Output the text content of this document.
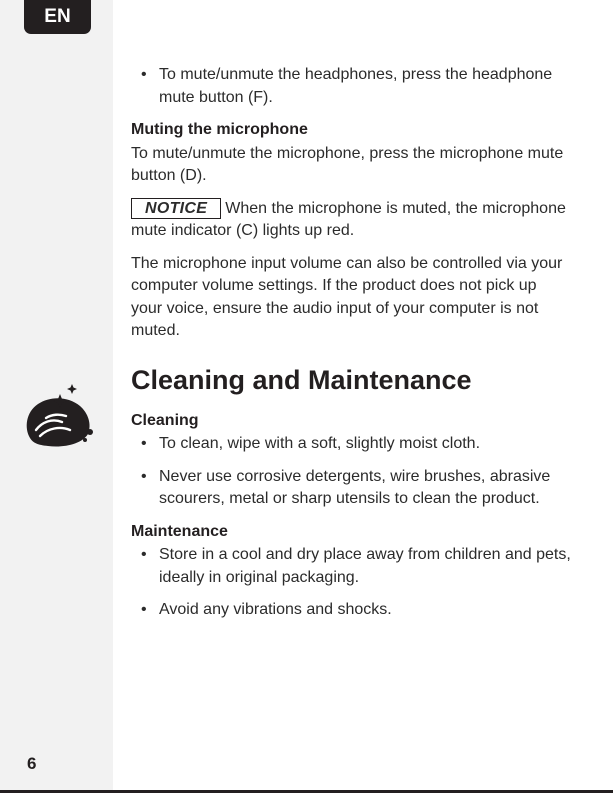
EN
6
• To mute/unmute the headphones, press the headphone mute button (F).
Muting the microphone

To mute/unmute the microphone, press the microphone mute button (D).

NOTICE When the microphone is muted, the microphone mute indicator (C) lights up red.

The microphone input volume can also be controlled via your computer volume settings. If the product does not pick up your voice, ensure the audio input of your computer is not muted.

Cleaning and Maintenance
Cleaning
• To clean, wipe with a soft, slightly moist cloth.
• Never use corrosive detergents, wire brushes, abrasive scourers, metal or sharp utensils to clean the product.
Maintenance
• Store in a cool and dry place away from children and pets, ideally in original packaging.
• Avoid any vibrations and shocks.
